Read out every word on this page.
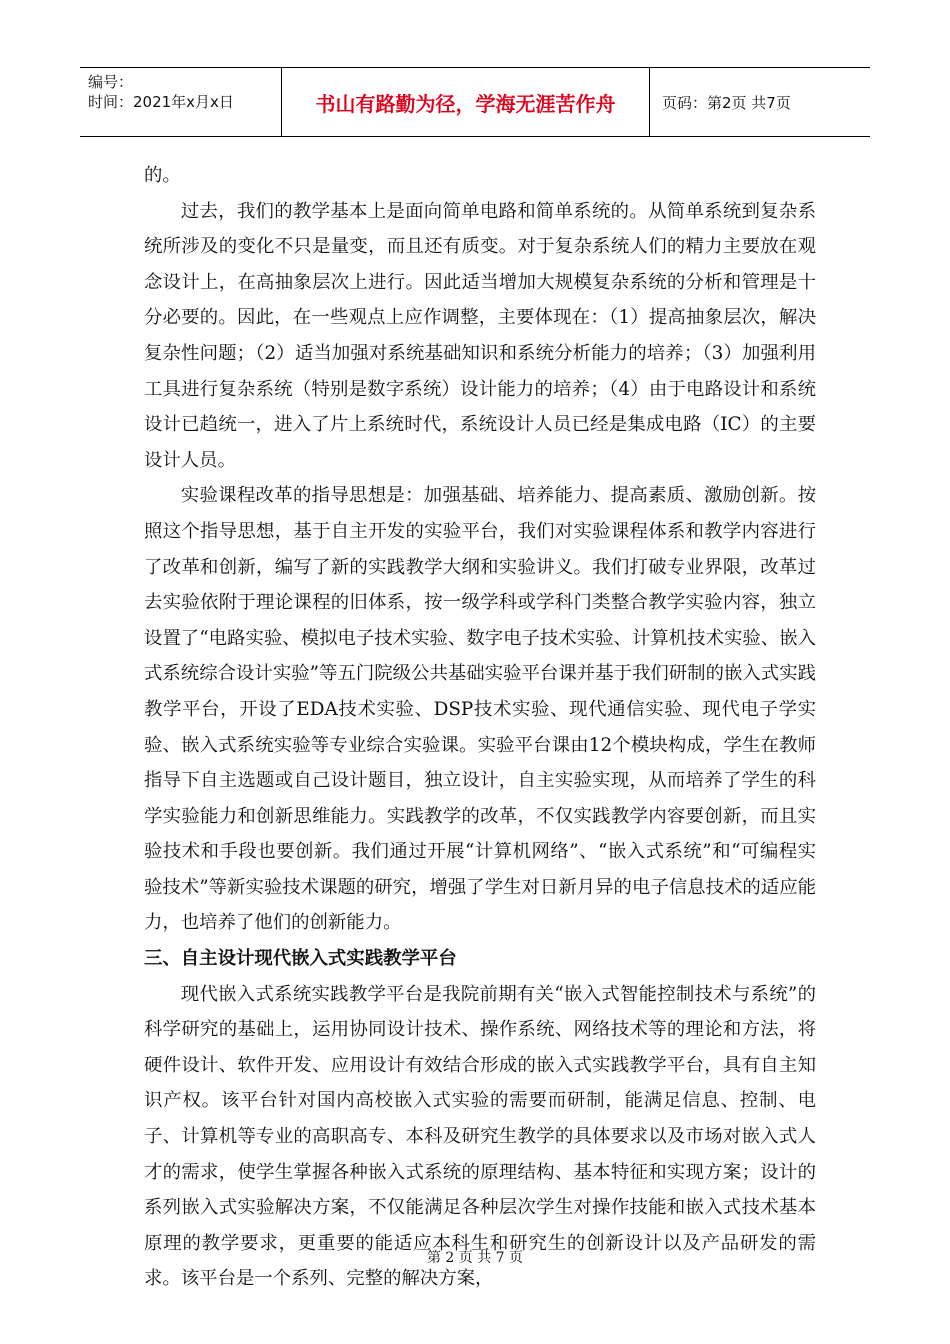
编号：
时间：2021年x月x日	书山有路勤为径，学海无涯苦作舟	页码：第2页 共7页

的。

过去，我们的教学基本上是面向简单电路和简单系统的。从简单系统到复杂系统所涉及的变化不只是量变，而且还有质变。对于复杂系统人们的精力主要放在观念设计上，在高抽象层次上进行。因此适当增加大规模复杂系统的分析和管理是十分必要的。因此，在一些观点上应作调整，主要体现在：（1）提高抽象层次，解决复杂性问题；（2）适当加强对系统基础知识和系统分析能力的培养；（3）加强利用工具进行复杂系统（特别是数字系统）设计能力的培养；（4）由于电路设计和系统设计已趋统一，进入了片上系统时代，系统设计人员已经是集成电路（IC）的主要设计人员。

实验课程改革的指导思想是：加强基础、培养能力、提高素质、激励创新。按照这个指导思想，基于自主开发的实验平台，我们对实验课程体系和教学内容进行了改革和创新，编写了新的实践教学大纲和实验讲义。我们打破专业界限，改革过去实验依附于理论课程的旧体系，按一级学科或学科门类整合教学实验内容，独立设置了“电路实验、模拟电子技术实验、数字电子技术实验、计算机技术实验、嵌入式系统综合设计实验”等五门院级公共基础实验平台课并基于我们研制的嵌入式实践教学平台，开设了EDA技术实验、DSP技术实验、现代通信实验、现代电子学实验、嵌入式系统实验等专业综合实验课。实验平台课由12个模块构成，学生在教师指导下自主选题或自己设计题目，独立设计，自主实验实现，从而培养了学生的科学实验能力和创新思维能力。实践教学的改革，不仅实践教学内容要创新，而且实验技术和手段也要创新。我们通过开展“计算机网络”、“嵌入式系统”和“可编程实验技术”等新实验技术课题的研究，增强了学生对日新月异的电子信息技术的适应能力，也培养了他们的创新能力。

三、自主设计现代嵌入式实践教学平台

现代嵌入式系统实践教学平台是我院前期有关“嵌入式智能控制技术与系统”的科学研究的基础上，运用协同设计技术、操作系统、网络技术等的理论和方法，将硬件设计、软件开发、应用设计有效结合形成的嵌入式实践教学平台，具有自主知识产权。该平台针对国内高校嵌入式实验的需要而研制，能满足信息、控制、电子、计算机等专业的高职高专、本科及研究生教学的具体要求以及市场对嵌入式人才的需求，使学生掌握各种嵌入式系统的原理结构、基本特征和实现方案；设计的系列嵌入式实验解决方案，不仅能满足各种层次学生对操作技能和嵌入式技术基本原理的教学要求，更重要的能适应本科生和研究生的创新设计以及产品研发的需求。该平台是一个系列、完整的解决方案，

第 2 页 共 7 页
